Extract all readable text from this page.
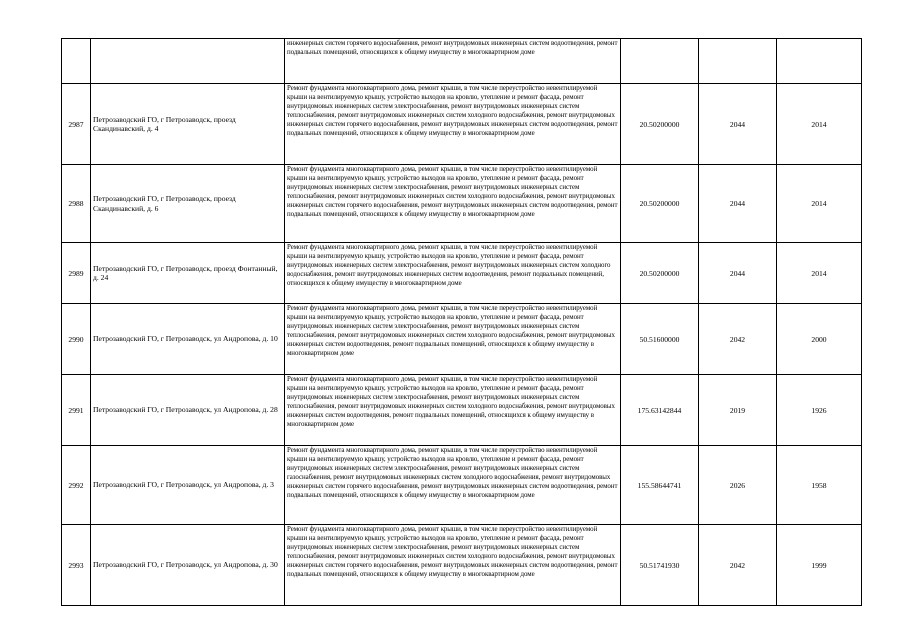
		инженерных систем горячего водоснабжения, ремонт внутридомовых инженерных систем водоотведения, ремонт подвальных помещений, относящихся к общему имуществу в многоквартирном доме			

2987	Петрозаводский ГО, г Петрозаводск, проезд Скандинавский, д. 4	Ремонт фундамента многоквартирного дома, ремонт крыши, в том числе переустройство невентилируемой крыши на вентилируемую крышу, устройство выходов на кровлю, утепление и ремонт фасада, ремонт внутридомовых инженерных систем электроснабжения, ремонт внутридомовых инженерных систем теплоснабжения, ремонт внутридомовых инженерных систем холодного водоснабжения, ремонт внутридомовых инженерных систем горячего водоснабжения, ремонт внутридомовых инженерных систем водоотведения, ремонт подвальных помещений, относящихся к общему имуществу в многоквартирном доме	20.50200000	2044	2014
2988	Петрозаводский ГО, г Петрозаводск, проезд Скандинавский, д. 6	Ремонт фундамента многоквартирного дома, ремонт крыши, в том числе переустройство невентилируемой крыши на вентилируемую крышу, устройство выходов на кровлю, утепление и ремонт фасада, ремонт внутридомовых инженерных систем электроснабжения, ремонт внутридомовых инженерных систем теплоснабжения, ремонт внутридомовых инженерных систем холодного водоснабжения, ремонт внутридомовых инженерных систем горячего водоснабжения, ремонт внутридомовых инженерных систем водоотведения, ремонт подвальных помещений, относящихся к общему имуществу в многоквартирном доме	20.50200000	2044	2014
2989	Петрозаводский ГО, г Петрозаводск, проезд Фонтанный, д. 24	Ремонт фундамента многоквартирного дома, ремонт крыши, в том числе переустройство невентилируемой крыши на вентилируемую крышу, устройство выходов на кровлю, утепление и ремонт фасада, ремонт внутридомовых инженерных систем электроснабжения, ремонт внутридомовых инженерных систем холодного водоснабжения, ремонт внутридомовых инженерных систем водоотведения, ремонт подвальных помещений, относящихся к общему имуществу в многоквартирном доме	20.50200000	2044	2014
2990	Петрозаводский ГО, г Петрозаводск, ул Андропова, д. 10	Ремонт фундамента многоквартирного дома, ремонт крыши, в том числе переустройство невентилируемой крыши на вентилируемую крышу, устройство выходов на кровлю, утепление и ремонт фасада, ремонт внутридомовых инженерных систем электроснабжения, ремонт внутридомовых инженерных систем теплоснабжения, ремонт внутридомовых инженерных систем холодного водоснабжения, ремонт внутридомовых инженерных систем водоотведения, ремонт подвальных помещений, относящихся к общему имуществу в многоквартирном доме	50.51600000	2042	2000
2991	Петрозаводский ГО, г Петрозаводск, ул Андропова, д. 28	Ремонт фундамента многоквартирного дома, ремонт крыши, в том числе переустройство невентилируемой крыши на вентилируемую крышу, устройство выходов на кровлю, утепление и ремонт фасада, ремонт внутридомовых инженерных систем электроснабжения, ремонт внутридомовых инженерных систем теплоснабжения, ремонт внутридомовых инженерных систем холодного водоснабжения, ремонт внутридомовых инженерных систем водоотведения, ремонт подвальных помещений, относящихся к общему имуществу в многоквартирном доме	175.63142844	2019	1926
2992	Петрозаводский ГО, г Петрозаводск, ул Андропова, д. 3	Ремонт фундамента многоквартирного дома, ремонт крыши, в том числе переустройство невентилируемой крыши на вентилируемую крышу, устройство выходов на кровлю, утепление и ремонт фасада, ремонт внутридомовых инженерных систем электроснабжения, ремонт внутридомовых инженерных систем газоснабжения, ремонт внутридомовых инженерных систем холодного водоснабжения, ремонт внутридомовых инженерных систем горячего водоснабжения, ремонт внутридомовых инженерных систем водоотведения, ремонт подвальных помещений, относящихся к общему имуществу в многоквартирном доме	155.58644741	2026	1958
2993	Петрозаводский ГО, г Петрозаводск, ул Андропова, д. 30	Ремонт фундамента многоквартирного дома, ремонт крыши, в том числе переустройство невентилируемой крыши на вентилируемую крышу, устройство выходов на кровлю, утепление и ремонт фасада, ремонт внутридомовых инженерных систем электроснабжения, ремонт внутридомовых инженерных систем теплоснабжения, ремонт внутридомовых инженерных систем холодного водоснабжения, ремонт внутридомовых инженерных систем горячего водоснабжения, ремонт внутридомовых инженерных систем водоотведения, ремонт подвальных помещений, относящихся к общему имуществу в многоквартирном доме	50.51741930	2042	1999
